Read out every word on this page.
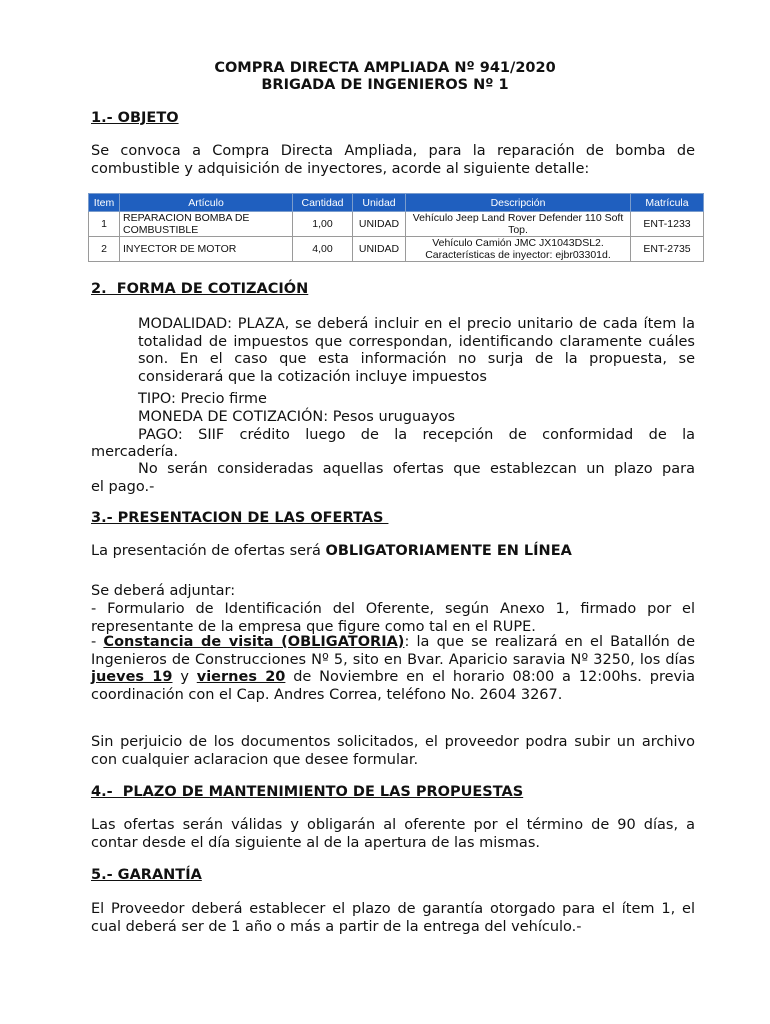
COMPRA DIRECTA AMPLIADA Nº 941/2020
BRIGADA DE INGENIEROS Nº 1
1.- OBJETO
Se convoca a Compra Directa Ampliada, para la reparación de bomba de combustible y adquisición de inyectores, acorde al siguiente detalle:
Item	Artículo	Cantidad	Unidad	Descripción	Matrícula
1	REPARACION BOMBA DE COMBUSTIBLE	1,00	UNIDAD	Vehículo Jeep Land Rover Defender 110 Soft Top.	ENT-1233
2	INYECTOR DE MOTOR	4,00	UNIDAD	Vehículo Camión JMC JX1043DSL2. Características de inyector: ejbr03301d.	ENT-2735
2.  FORMA DE COTIZACIÓN
MODALIDAD: PLAZA, se deberá incluir en el precio unitario de cada ítem la totalidad de impuestos que correspondan, identificando claramente cuáles son. En el caso que esta información no surja de la propuesta, se considerará que la cotización incluye impuestos
TIPO: Precio firme
MONEDA DE COTIZACIÓN: Pesos uruguayos
PAGO: SIIF crédito luego de la recepción de conformidad de la
mercadería.
No serán consideradas aquellas ofertas que establezcan un plazo para
el pago.-
3.- PRESENTACION DE LAS OFERTAS
La presentación de ofertas será OBLIGATORIAMENTE EN LÍNEA
Se deberá adjuntar:
- Formulario de Identificación del Oferente, según Anexo 1, firmado por el representante de la empresa que figure como tal en el RUPE.
- Constancia de visita (OBLIGATORIA): la que se realizará en el Batallón de Ingenieros de Construcciones Nº 5, sito en Bvar. Aparicio saravia Nº 3250, los días jueves 19 y viernes 20 de Noviembre en el horario 08:00 a 12:00hs. previa coordinación con el Cap. Andres Correa, teléfono No. 2604 3267.
Sin perjuicio de los documentos solicitados, el proveedor podra subir un archivo con cualquier aclaracion que desee formular.
4.-  PLAZO DE MANTENIMIENTO DE LAS PROPUESTAS
Las ofertas serán válidas y obligarán al oferente por el término de 90 días, a contar desde el día siguiente al de la apertura de las mismas.
5.- GARANTÍA
El Proveedor deberá establecer el plazo de garantía otorgado para el ítem 1, el cual deberá ser de 1 año o más a partir de la entrega del vehículo.-
